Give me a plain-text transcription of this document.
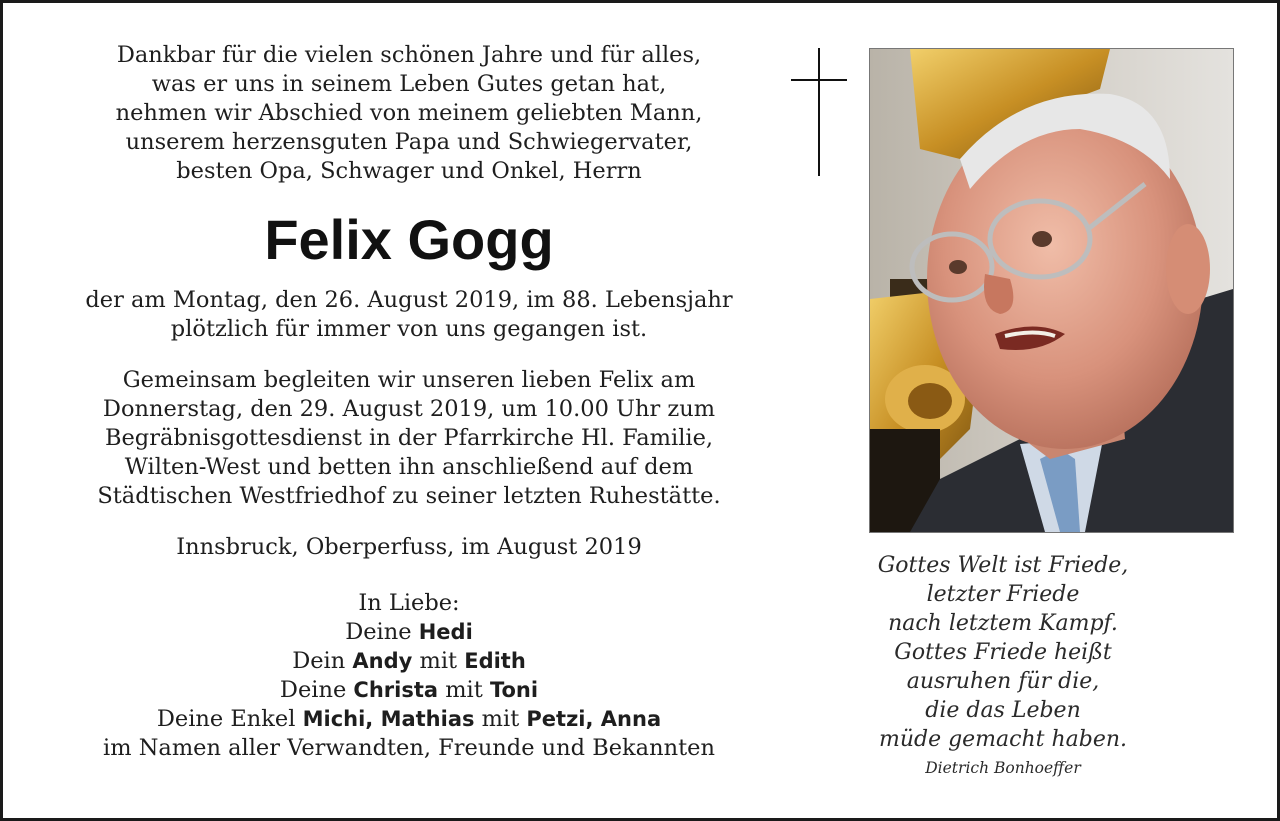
Dankbar für die vielen schönen Jahre und für alles,
was er uns in seinem Leben Gutes getan hat,
nehmen wir Abschied von meinem geliebten Mann,
unserem herzensguten Papa und Schwiegervater,
besten Opa, Schwager und Onkel, Herrn
Felix Gogg
der am Montag, den 26. August 2019, im 88. Lebensjahr
plötzlich für immer von uns gegangen ist.
Gemeinsam begleiten wir unseren lieben Felix am
Donnerstag, den 29. August 2019, um 10.00 Uhr zum
Begräbnisgottesdienst in der Pfarrkirche Hl. Familie,
Wilten-West und betten ihn anschließend auf dem
Städtischen Westfriedhof zu seiner letzten Ruhestätte.
Innsbruck, Oberperfuss, im August 2019
In Liebe:
Deine Hedi
Dein Andy mit Edith
Deine Christa mit Toni
Deine Enkel Michi, Mathias mit Petzi, Anna
im Namen aller Verwandten, Freunde und Bekannten
Gottes Welt ist Friede,
letzter Friede
nach letztem Kampf.
Gottes Friede heißt
ausruhen für die,
die das Leben
müde gemacht haben.
Dietrich Bonhoeffer
